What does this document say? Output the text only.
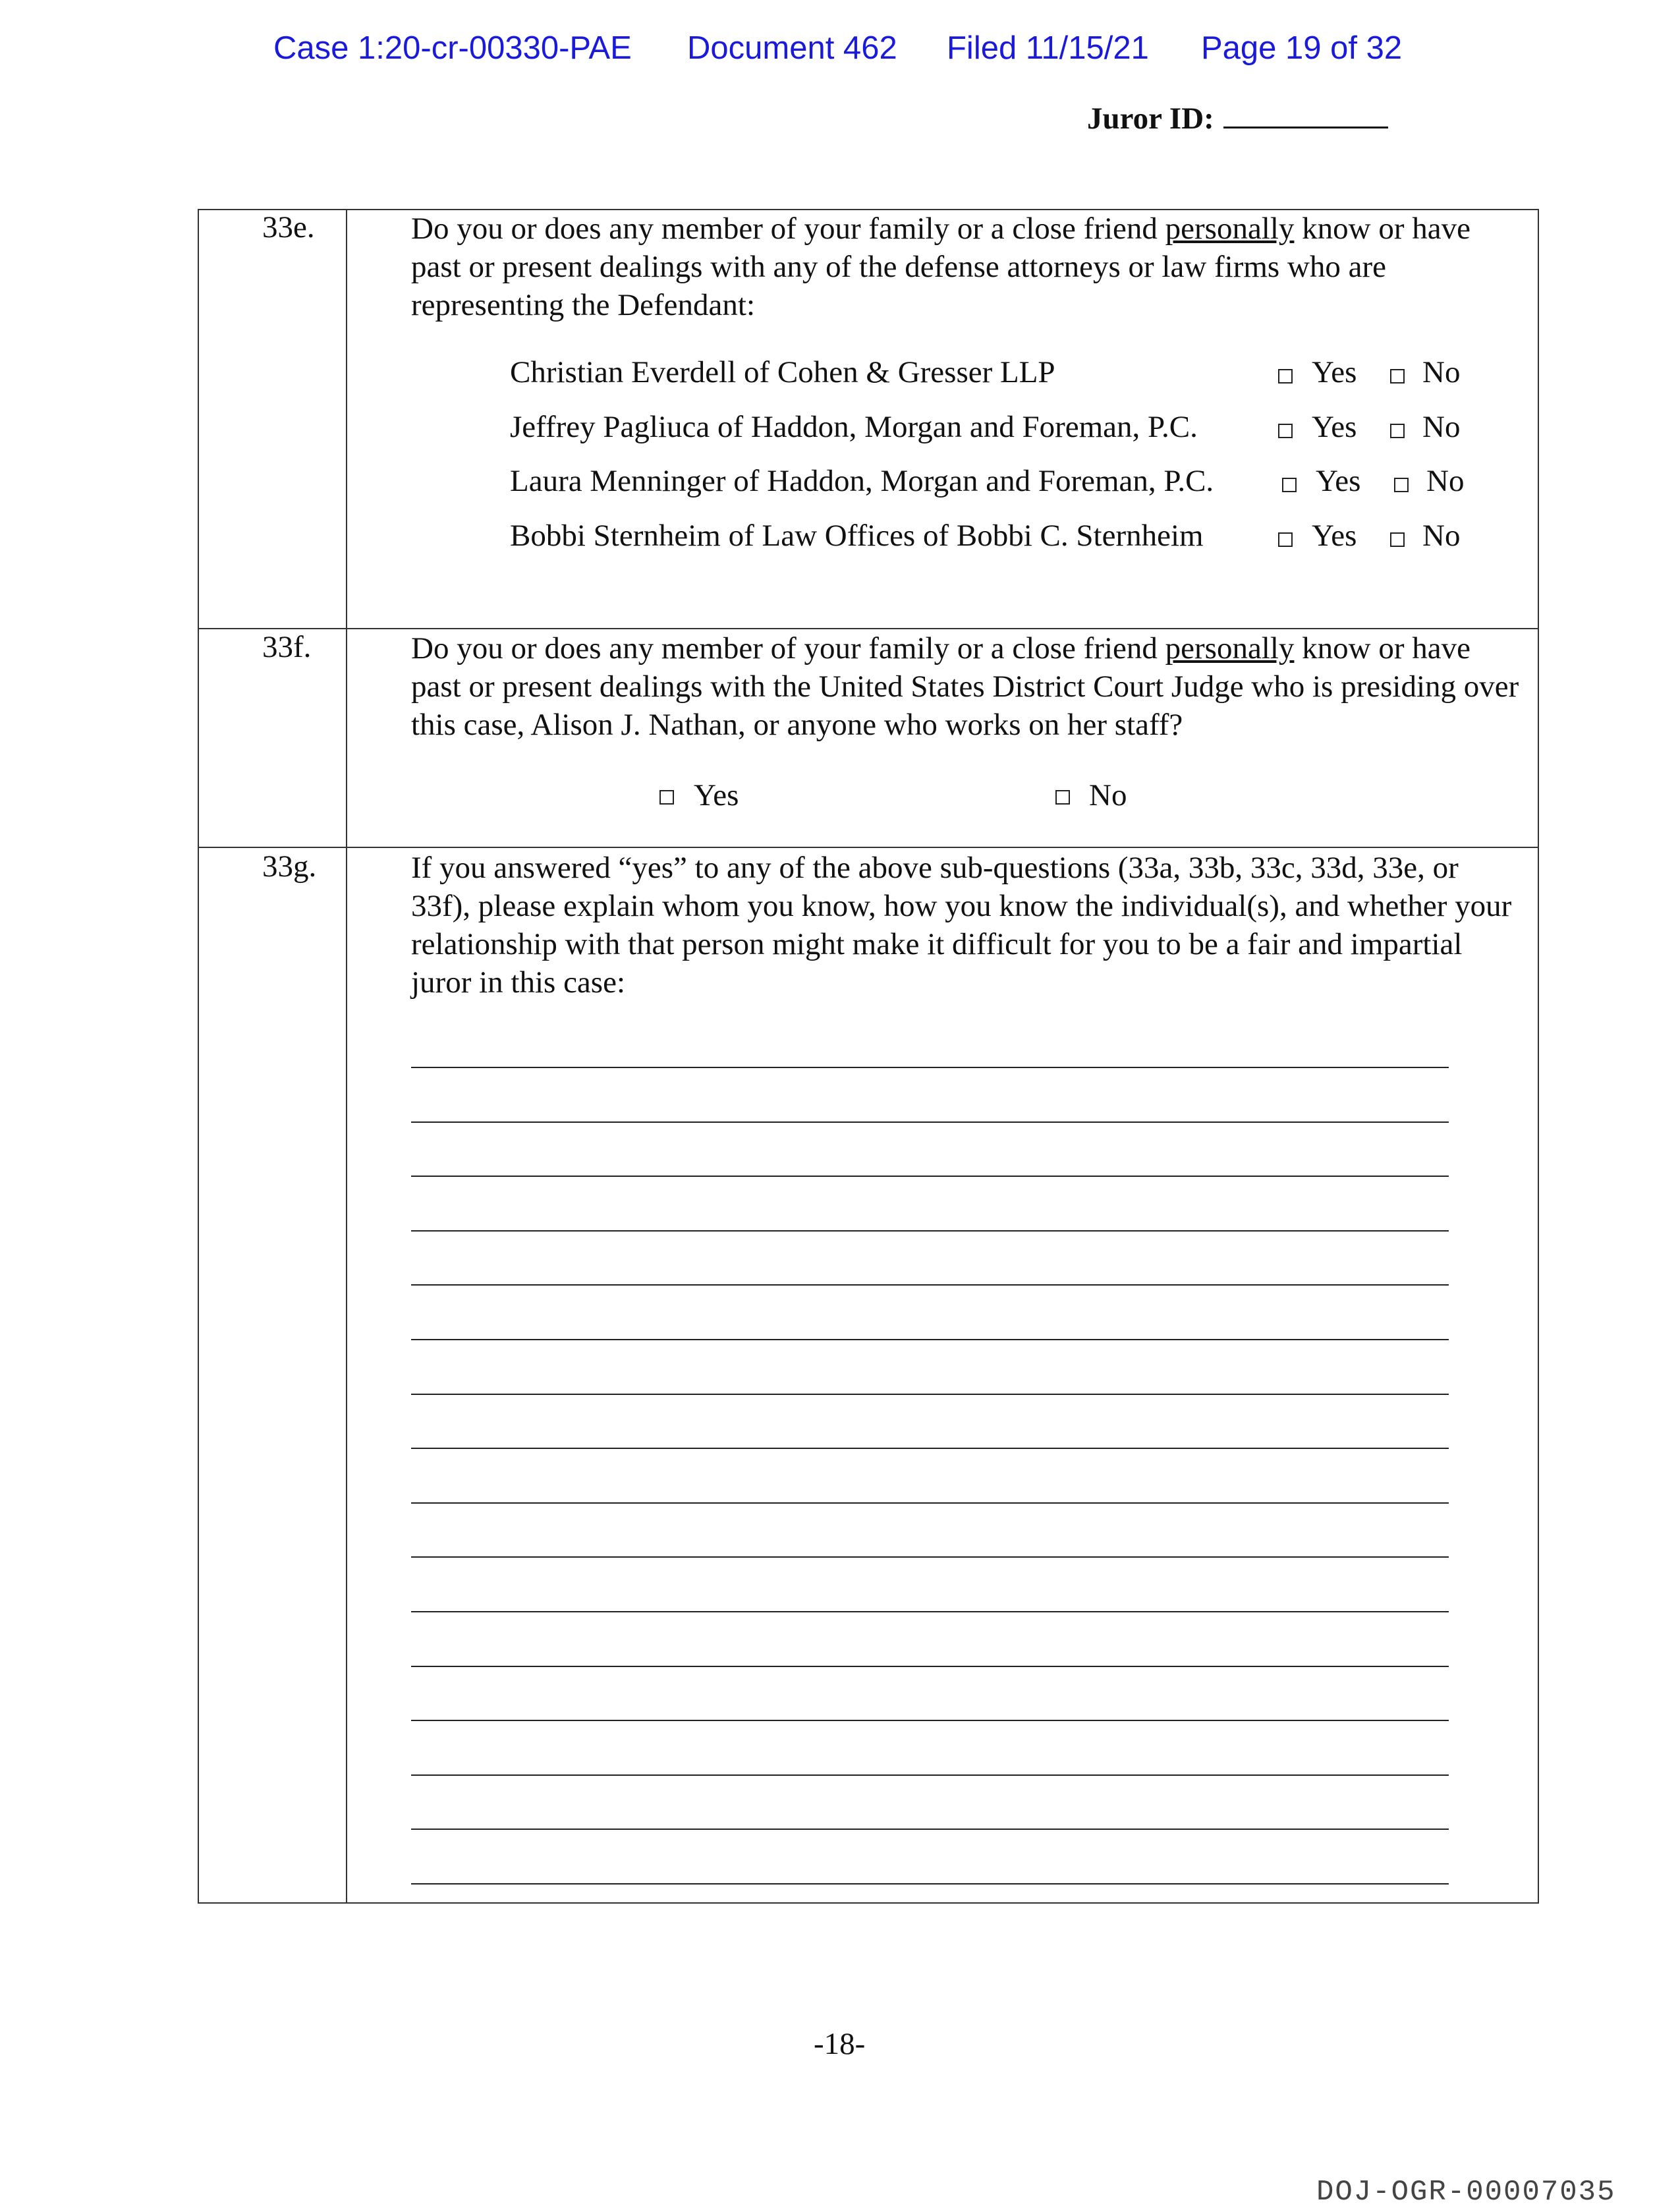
Case 1:20-cr-00330-PAE Document 462 Filed 11/15/21 Page 19 of 32
Juror ID:
33e.	Do you or does any member of your family or a close friend personally know or have past or present dealings with any of the defense attorneys or law firms who are representing the Defendant:
Christian Everdell of Cohen & Gresser LLP	Yes No
Jeffrey Pagliuca of Haddon, Morgan and Foreman, P.C.	Yes No
Laura Menninger of Haddon, Morgan and Foreman, P.C.	Yes No
Bobbi Sternheim of Law Offices of Bobbi C. Sternheim	Yes No
33f.	Do you or does any member of your family or a close friend personally know or have past or present dealings with the United States District Court Judge who is presiding over this case, Alison J. Nathan, or anyone who works on her staff?
Yes	No
33g.	If you answered “yes” to any of the above sub-questions (33a, 33b, 33c, 33d, 33e, or 33f), please explain whom you know, how you know the individual(s), and whether your relationship with that person might make it difficult for you to be a fair and impartial juror in this case:
-18-
DOJ-OGR-00007035
